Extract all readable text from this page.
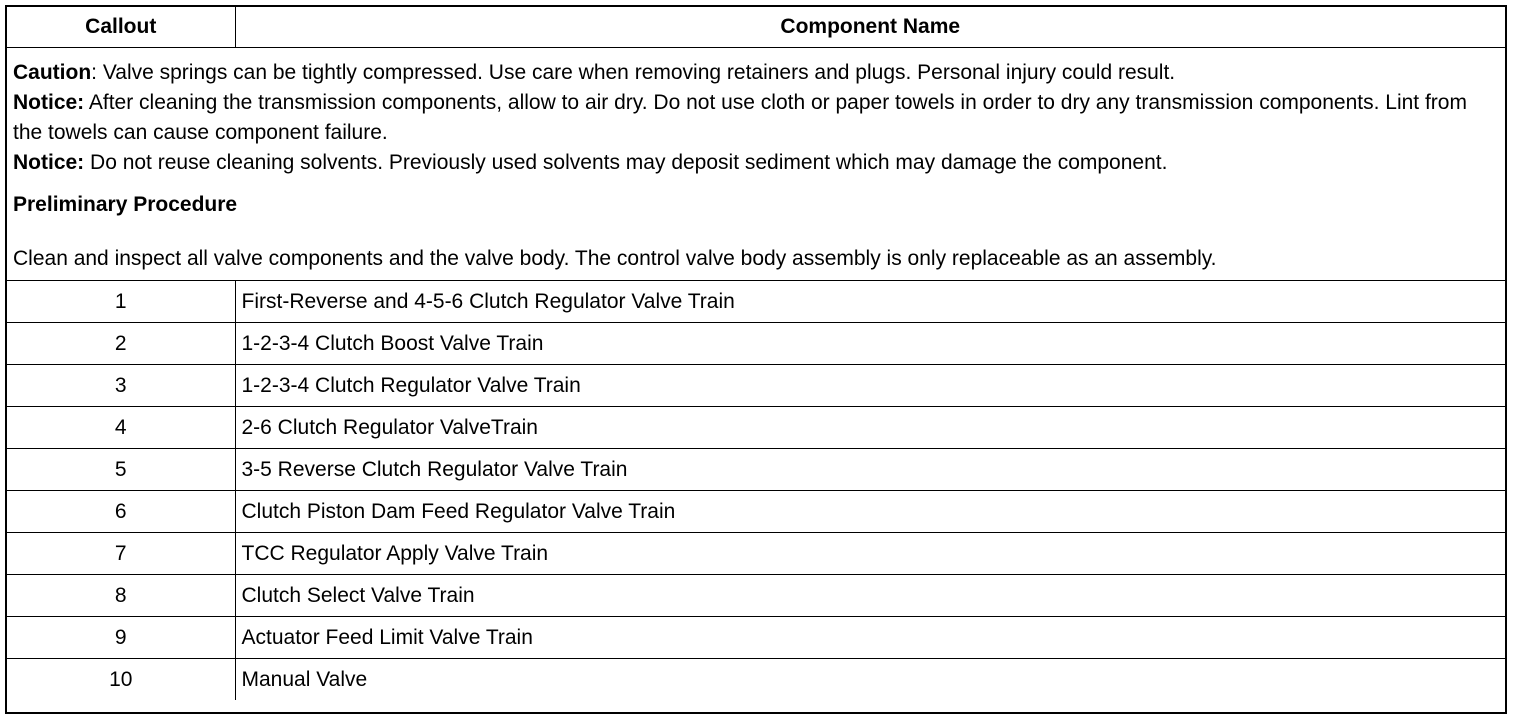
Callout	Component Name

Caution: Valve springs can be tightly compressed. Use care when removing retainers and plugs. Personal injury could result.
Notice: After cleaning the transmission components, allow to air dry. Do not use cloth or paper towels in order to dry any transmission components. Lint from the towels can cause component failure.
Notice: Do not reuse cleaning solvents. Previously used solvents may deposit sediment which may damage the component.
Preliminary Procedure
Clean and inspect all valve components and the valve body. The control valve body assembly is only replaceable as an assembly.	

1	First-Reverse and 4-5-6 Clutch Regulator Valve Train
2	1-2-3-4 Clutch Boost Valve Train
3	1-2-3-4 Clutch Regulator Valve Train
4	2-6 Clutch Regulator ValveTrain
5	3-5 Reverse Clutch Regulator Valve Train
6	Clutch Piston Dam Feed Regulator Valve Train
7	TCC Regulator Apply Valve Train
8	Clutch Select Valve Train
9	Actuator Feed Limit Valve Train
10	Manual Valve
